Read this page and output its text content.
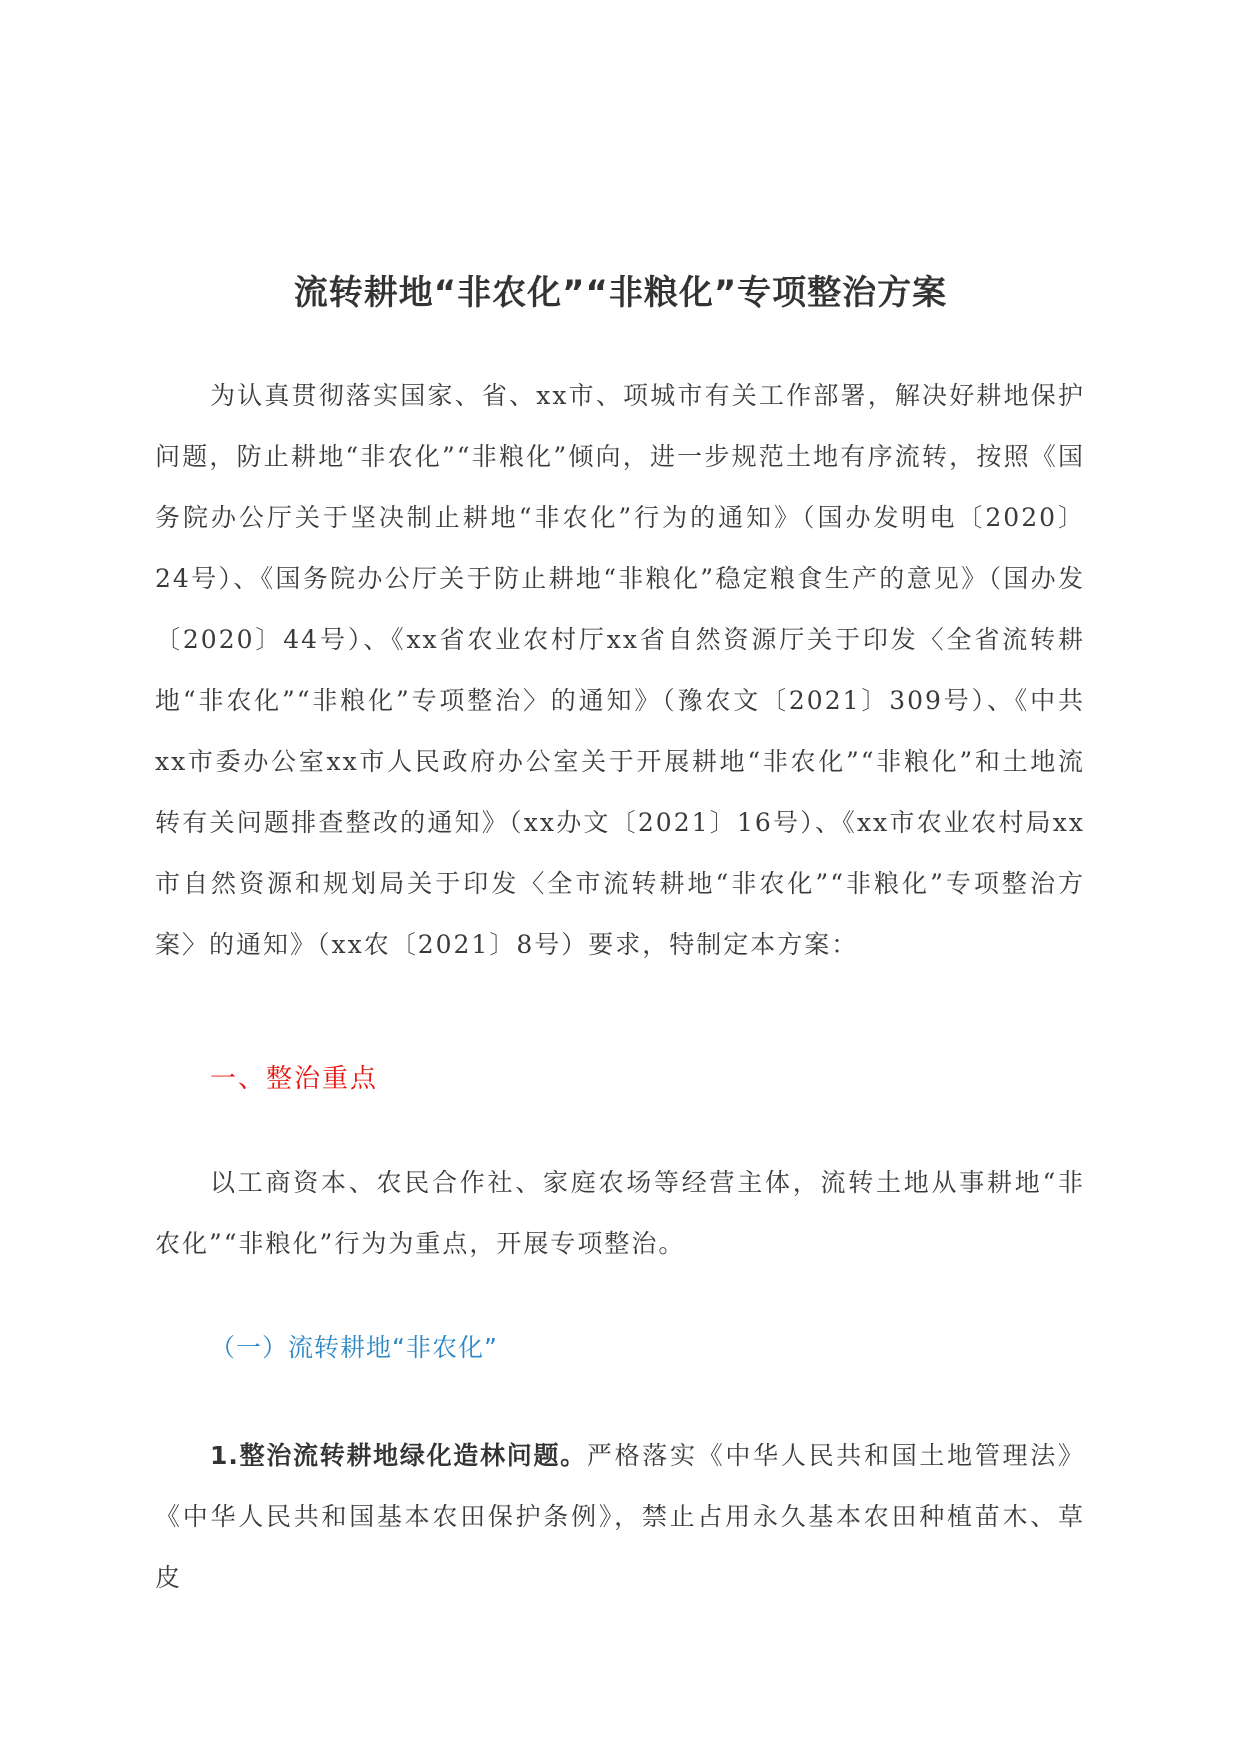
流转耕地“非农化”“非粮化”专项整治方案

为认真贯彻落实国家、省、xx市、项城市有关工作部署，解决好耕地保护问题，防止耕地“非农化”“非粮化”倾向，进一步规范土地有序流转，按照《国务院办公厅关于坚决制止耕地“非农化”行为的通知》（国办发明电〔2020〕24号）、《国务院办公厅关于防止耕地“非粮化”稳定粮食生产的意见》（国办发〔2020〕44号）、《xx省农业农村厅xx省自然资源厅关于印发〈全省流转耕地“非农化”“非粮化”专项整治〉的通知》（豫农文〔2021〕309号）、《中共xx市委办公室xx市人民政府办公室关于开展耕地“非农化”“非粮化”和土地流转有关问题排查整改的通知》（xx办文〔2021〕16号）、《xx市农业农村局xx市自然资源和规划局关于印发〈全市流转耕地“非农化”“非粮化”专项整治方案〉的通知》（xx农〔2021〕8号）要求，特制定本方案：

一、整治重点

以工商资本、农民合作社、家庭农场等经营主体，流转土地从事耕地“非农化”“非粮化”行为为重点，开展专项整治。

（一）流转耕地“非农化”

1.整治流转耕地绿化造林问题。严格落实《中华人民共和国土地管理法》《中华人民共和国基本农田保护条例》，禁止占用永久基本农田种植苗木、草皮
